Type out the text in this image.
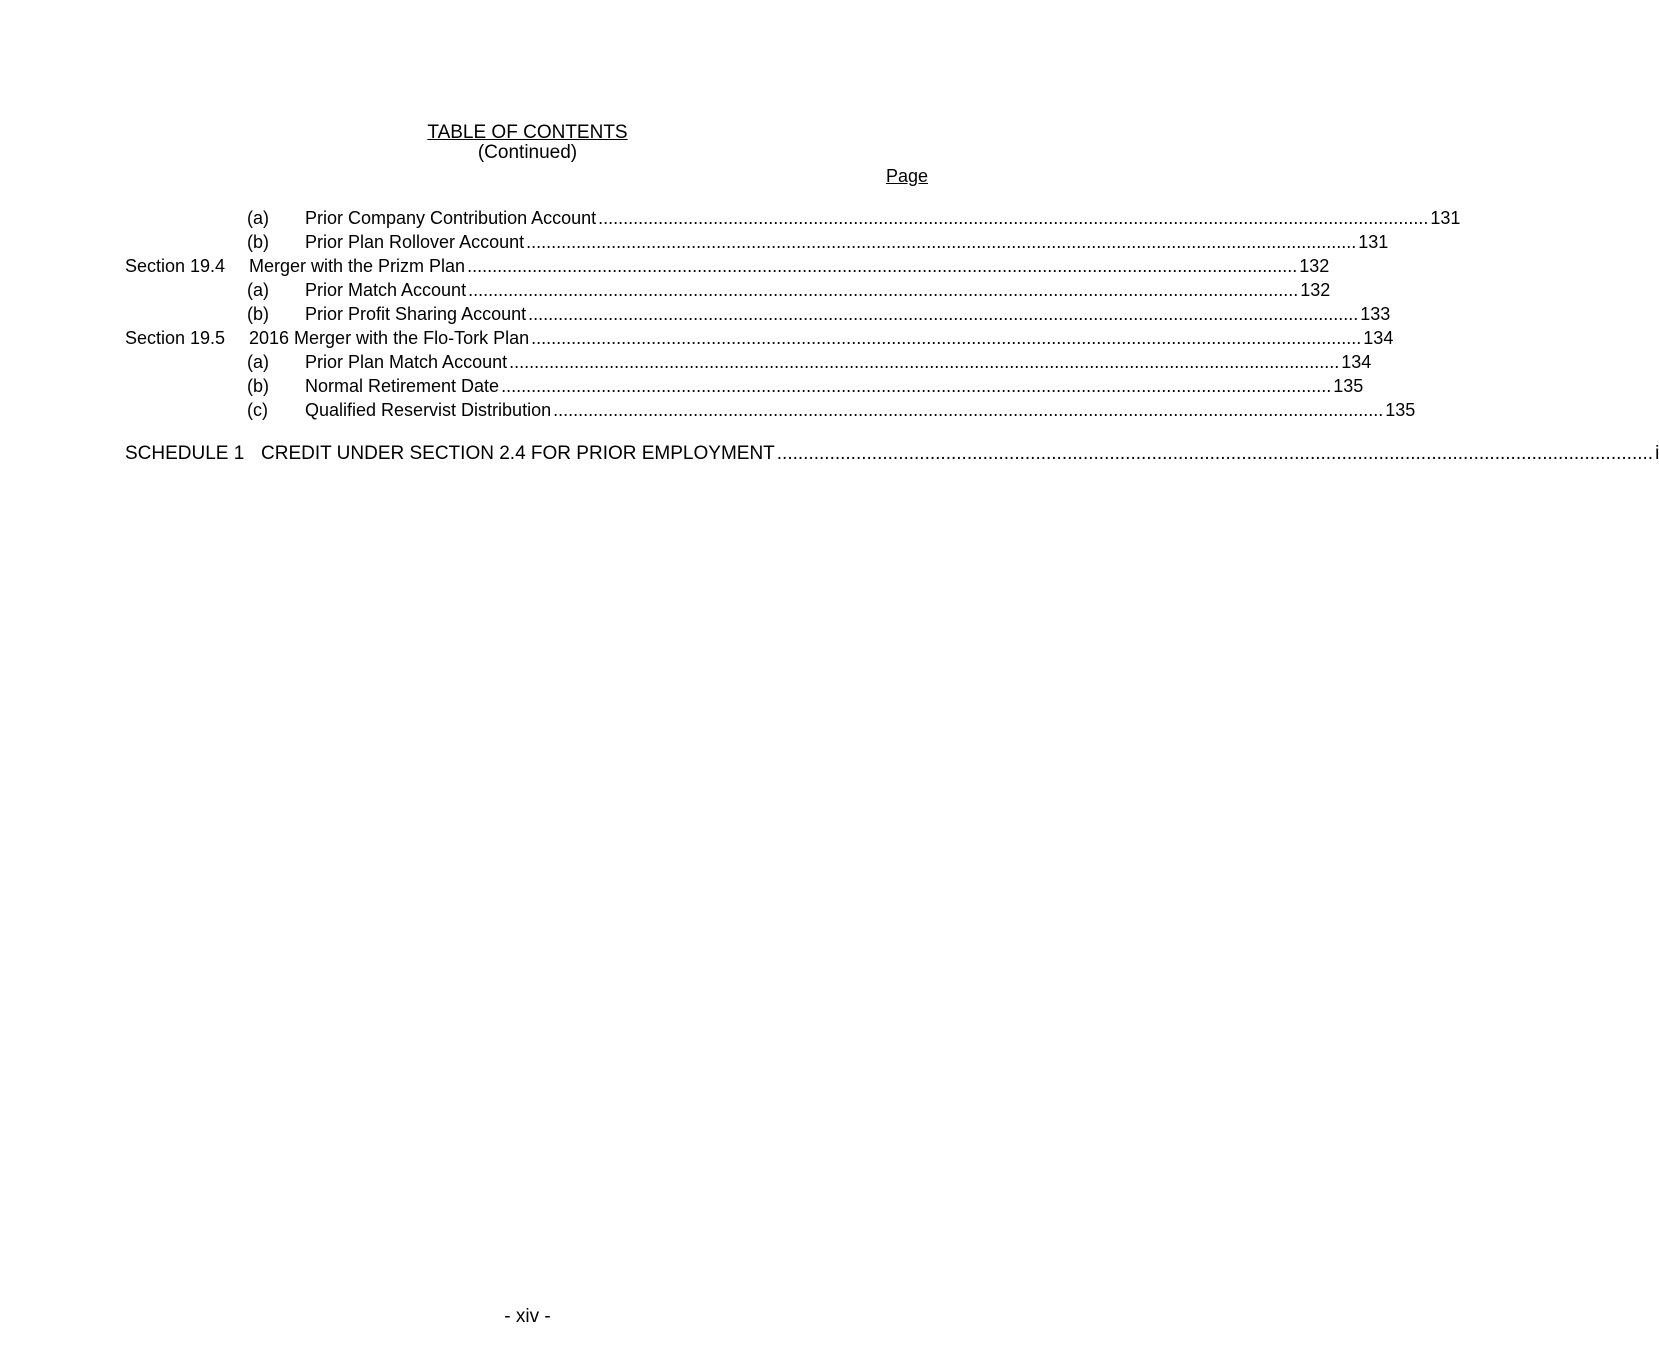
TABLE OF CONTENTS
(Continued)
Page
(a) Prior Company Contribution Account ...................................................................................................................................................................... 131
(b) Prior Plan Rollover Account ...................................................................................................................................................................... 131
Section 19.4 Merger with the Prizm Plan ...................................................................................................................................................................... 132
(a) Prior Match Account ...................................................................................................................................................................... 132
(b) Prior Profit Sharing Account ...................................................................................................................................................................... 133
Section 19.5 2016 Merger with the Flo-Tork Plan ...................................................................................................................................................................... 134
(a) Prior Plan Match Account ...................................................................................................................................................................... 134
(b) Normal Retirement Date ...................................................................................................................................................................... 135
(c) Qualified Reservist Distribution ...................................................................................................................................................................... 135
SCHEDULE 1 CREDIT UNDER SECTION 2.4 FOR PRIOR EMPLOYMENT ...................................................................................................................................................................... i
- xiv -
